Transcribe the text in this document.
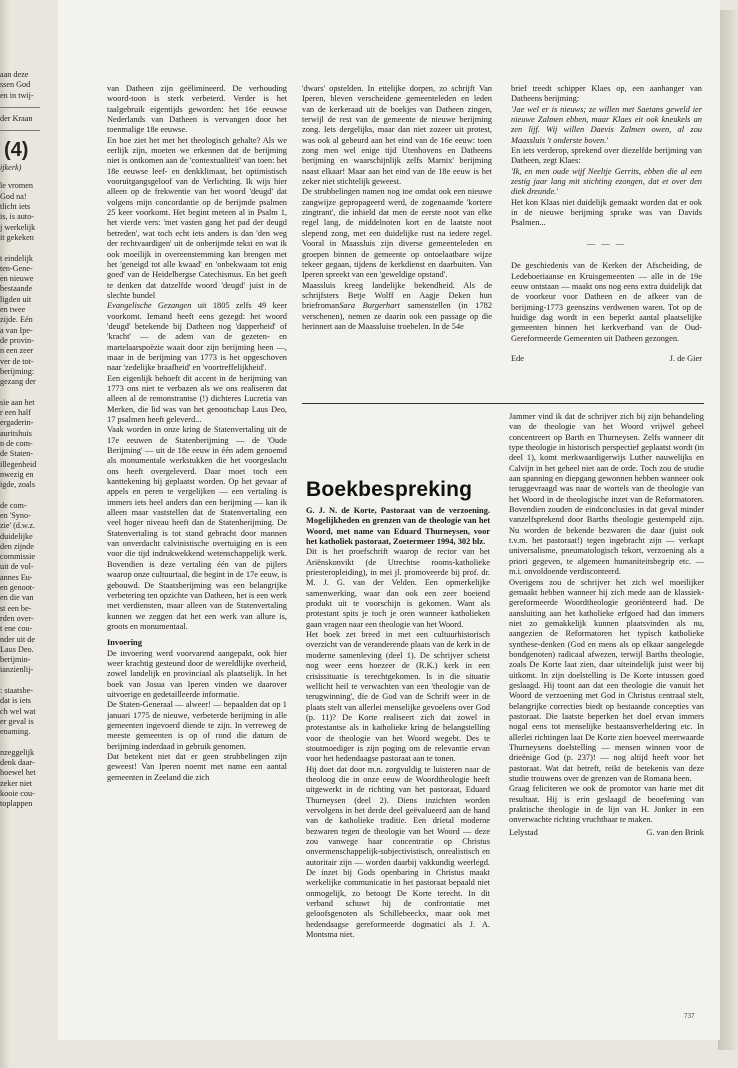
aan deze
ssen God
en in twij-

der Kraan

(4)

ijkerk)

le vromen
God na!
tlicht iets
is, is auto-
j werkelijk
it gekeken

t eindelijk
ten-Gene-
en nieuwe
bestaande
ligden uit
en twee
zijde. Eén
a van Ipe-
de provin-
n een zeer
ver de tot-
berijming:
gezang der

sie aan het
r een half
ergaderin-
auritshuis
n de com-
de Staten-
illegenheid
nwezig en
igde, zoals

de com-
en 'Syno-
zie' (d.w.z.
duidelijke
den zijnde
commissie
uit de vol-
annes Eu-
en genoot-
en die van
st een be-
rden over-
t ene cou-
nder uit de
Laus Deo.
berijmin-
ianzienlij-

: staatsbe-
dat is iets
ch wel wat
er geval is
enaming.

nzeggelijk
denk daar-
hoewel het
zeker niet
kooie cou-
toplappen

van Datheen zijn geëlimineerd. De verhouding woord-toon is sterk verbeterd. Verder is het taalgebruik eigentijds geworden: het 16e eeuwse Nederlands van Datheen is vervangen door het toenmalige 18e eeuwse.

En hoe ziet het met het theologisch gehalte? Als we eerlijk zijn, moeten we erkennen dat de berijming niet is ontkomen aan de 'contextualiteit' van toen: het 18e eeuwse leef- en denkklimaat, het optimistisch vooruitgangsgeloof van de Verlichting. Ik wijs hier alleen op de frekwentie van het woord 'deugd' dat volgens mijn concordantie op de berijmde psalmen 25 keer voorkomt. Het begint meteen al in Psalm 1, het vierde vers: 'met vasten gang het pad der deugd betreden', wat toch echt iets anders is dan 'den weg der rechtvaardigen' uit de onberijmde tekst en wat ik ook moeilijk in overeenstemming kan brengen met het 'geneigd tot alle kwaad' en 'onbekwaam tot enig goed' van de Heidelbergse Catechismus. En het geeft te denken dat datzelfde woord 'deugd' juist in de slechte bundel

Evangelische Gezangen uit 1805 zelfs 49 keer voorkomt. Iemand heeft eens gezegd: het woord 'deugd' betekende bij Datheen nog 'dapperheid' of 'kracht' — de adem van de gezeten- en martelaarspoëzie waait door zijn berijming heen —, maar in de berijming van 1773 is het opgeschoven naar 'zedelijke braafheid' en 'voortreffelijkheid'.

Een eigenlijk behoeft dit accent in de berijming van 1773 ons niet te verbazen als we ons realiseren dat alleen al de remonstrantse (!) dichteres Lucretia van Merken, die lid was van het genootschap Laus Deo, 17 psalmen heeft geleverd...

Vaak worden in onze kring de Statenvertaling uit de 17e eeuwen de Statenberijming — de 'Oude Berijming' — uit de 18e eeuw in één adem genoemd als monumentale werkstukken die het voorgeslacht ons heeft overgeleverd. Daar moet toch een kanttekening bij geplaatst worden. Op het gevaar af appels en peren te vergelijken — een vertaling is immers iets heel anders dan een berijming — kan ik alleen maar vaststellen dat de Statenvertaling een veel hoger niveau heeft dan de Statenberijming. De Statenvertaling is tot stand gebracht door mannen van onverdacht calvinistische overtuiging en is een voor die tijd indrukwekkend wetenschappelijk werk. Bovendien is deze vertaling één van de pijlers waarop onze cultuurtaal, die begint in de 17e eeuw, is gebouwd. De Staatsberijming was een belangrijke verbetering ten opzichte van Datheen, het is een werk met verdiensten, maar alleen van de Statenvertaling kunnen we zeggen dat het een werk van allure is, groots en monumentaal.

Invoering

De invoering werd voorvarend aangepakt, ook hier weer krachtig gesteund door de wereldlijke overheid, zowel landelijk en provinciaal als plaatselijk. In het boek van Josua van Iperen vinden we daarover uitvoerige en gedetailleerde informatie.

De Staten-Generaal — alweer! — bepaalden dat op 1 januari 1775 de nieuwe, verbeterde berijming in alle gemeenten ingevoerd diende te zijn. In verreweg de meeste gemeenten is op of rond die datum de berijming inderdaad in gebruik genomen.

Dat betekent niet dat er geen strubbelingen zijn geweest! Van Iperen noemt met name een aantal gemeenten in Zeeland die zich

'dwars' opstelden. In ettelijke dorpen, zo schrijft Van Iperen, bleven verscheidene gemeenteleden en leden van de kerkeraad uit de boekjes van Datheen zingen, terwijl de rest van de gemeente de nieuwe berijming zong. Iets dergelijks, maar dan niet zozeer uit protest, was ook al gebeurd aan het eind van de 16e eeuw: toen zong men wel enige tijd Utenhovens en Datheens berijming en waarschijnlijk zelfs Marnix' berijming naast elkaar! Maar aan het eind van de 18e eeuw is het zeker niet stichtelijk geweest.

De strubbelingen namen nog toe omdat ook een nieuwe zangwijze gepropageerd werd, de zogenaamde 'kortere zingtrant', die inhield dat men de eerste noot van elke regel lang, de middelnoten kort en de laatste noot slepend zong, met een duidelijke rust na iedere regel. Vooral in Maassluis zijn diverse gemeenteleden en groepen binnen de gemeente op ontoelaatbare wijze tekeer gegaan, tijdens de kerkdienst en daarbuiten. Van Iperen spreekt van een 'geweldige opstand'.

Maassluis kreeg landelijke bekendheid. Als de schrijfsters Betje Wolff en Aagje Deken hun briefromanSara Burgerhart samenstellen (in 1782 verschenen), nemen ze daarin ook een passage op die herinnert aan de Maassluise troebelen. In de 54e

brief treedt schipper Klaes op, een aanhanger van Datheens berijming:

'Jae wel er is nieuws; ze willen met Saetans geweld ier nieuwe Zalmen ebben, maar Klaes eit ook kneukels an zen lijf. Wij willen Daevis Zalmen owen, al zou Maassluis 't onderste boven.'

En iets verderop, sprekend over diezelfde berijming van Datheen, zegt Klaes:

'Ik, en men oude wijf Neeltje Gerrits, ebben die al een zestig jaar lang mit stichting ezongen, dat et over den diek dreunde.'

Het kon Klaas niet duidelijk gemaakt worden dat er ook in de nieuwe berijming sprake was van Davids Psalmen...

— — —

De geschiedenis van de Kerken der Afscheiding, de Ledeboeriaanse en Kruisgemeenten — alle in de 19e eeuw ontstaan — maakt ons nog eens extra duidelijk dat de voorkeur voor Datheen en de afkeer van de berijming-1773 geenszins verdwenen waren. Tot op de huidige dag wordt in een beperkt aantal plaatselijke gemeenten binnen het kerkverband van de Oud-Gereformeerde Gemeenten uit Datheen gezongen.

Ede	J. de Gier
Boekbespreking

G. J. N. de Korte, Pastoraat van de verzoening. Mogelijkheden en grenzen van de theologie van het Woord, met name van Eduard Thurneysen, voor het katholiek pastoraat, Zoetermeer 1994, 302 blz.

Dit is het proefschrift waarop de rector van het Ariënskonvikt (de Utrechtse rooms-katholieke priesteropleiding), in mei jl. promoveerde bij prof. dr. M. J. G. van der Velden. Een opmerkelijke samenwerking, waar dan ook een zeer boeiend produkt uit te voorschijn is gekomen. Want als protestant spits je toch je oren wanneer katholieken gaan vragen naar een theologie van het Woord.

Het boek zet breed in met een cultuurhistorisch overzicht van de veranderende plaats van de kerk in de moderne samenleving (deel 1). De schrijver schetst nog weer eens hoezeer de (R.K.) kerk in een crisissituatie is terechtgekomen. Is in die situatie wellicht heil te verwachten van een 'theologie van de terugwinning', die de God van de Schrift weer in de plaats stelt van allerlei menselijke gevoelens over God (p. 11)? De Korte realiseert zich dat zowel in protestantse als in katholieke kring de belangstelling voor de theologie van het Woord wegebt. Des te stoutmoediger is zijn poging om de relevantie ervan voor het hedendaagse pastoraat aan te tonen.

Hij doet dat door m.n. zorgvuldig te luisteren naar de theoloog die in onze eeuw de Woordtheologie heeft uitgewerkt in de richting van het pastoraat, Eduard Thurneysen (deel 2). Diens inzichten worden vervolgens in het derde deel geëvalueerd aan de hand van de katholieke traditie. Een drietal moderne bezwaren tegen de theologie van het Woord — deze zou vanwege haar concentratie op Christus onvermenschappelijk-subjectivistisch, onrealistisch en autoritair zijn — worden daarbij vakkundig weerlegd. De inzet bij Gods openbaring in Christus maakt werkelijke communicatie in het pastoraat bepaald niet onmogelijk, zo betoogt De Korte terecht. In dit verband schuwt hij de confrontatie met geloofsgenoten als Schillebeeckx, maar ook met hedendaagse gereformeerde dogmatici als J. A. Montsma niet.

Jammer vind ik dat de schrijver zich bij zijn behandeling van de theologie van het Woord vrijwel geheel concentreert op Barth en Thurneysen. Zelfs wanneer dit type theologie in historisch perspectief geplaatst wordt (in deel 1), komt merkwaardigerwijs Luther nauwelijks en Calvijn in het geheel niet aan de orde. Toch zou de studie aan spanning en diepgang gewonnen hebben wanneer ook teruggevraagd was naar de wortels van de theologie van het Woord in de theologische inzet van de Reformatoren. Bovendien zouden de eindconclusies in dat geval minder vanzelfsprekend door Barths theologie gestempeld zijn. Nu worden de bekende bezwaren die daar (juist ook t.v.m. het pastoraat!) tegen ingebracht zijn — verkapt universalisme, pneumatologisch tekort, verzoening als a priori gegeven, te algemeen humaniteitsbegrip etc. — m.i. onvoldoende verdisconteerd.

Overigens zou de schrijver het zich wel moeilijker gemaakt hebben wanneer hij zich mede aan de klassiek-gereformeerde Woordtheologie georiënteerd had. De aansluiting aan het katholieke erfgoed had dan immers niet zo gemakkelijk kunnen plaatsvinden als nu, aangezien de Reformatoren het typisch katholieke synthese-denken (God en mens als op elkaar aangelegde bondgenoten) radicaal afwezen, terwijl Barths theologie, zoals De Korte laat zien, daar uiteindelijk juist weer bij uitkomt. In zijn doelstelling is De Korte intussen goed geslaagd. Hij toont aan dat een theologie die vanuit het Woord de verzoening met God in Christus centraal stelt, belangrijke correcties biedt op bestaande concepties van pastoraat. Die laatste beperken het doel ervan immers nogal eens tot menselijke bestaansverheldering etc. In allerlei richtingen laat De Korte zien hoeveel meerwaarde Thurneysens doelstelling — mensen winnen voor de drieënige God (p. 237)! — nog altijd heeft voor het pastoraat. Wat dat betreft, reikt de betekenis van deze studie trouwens over de grenzen van de Romana heen.

Graag feliciteren we ook de promotor van harte met dit resultaat. Hij is erin geslaagd de beoefening van praktische theologie in de lijn van H. Jonker in een onverwachte richting vruchtbaar te maken.

Lelystad	G. van den Brink
737
